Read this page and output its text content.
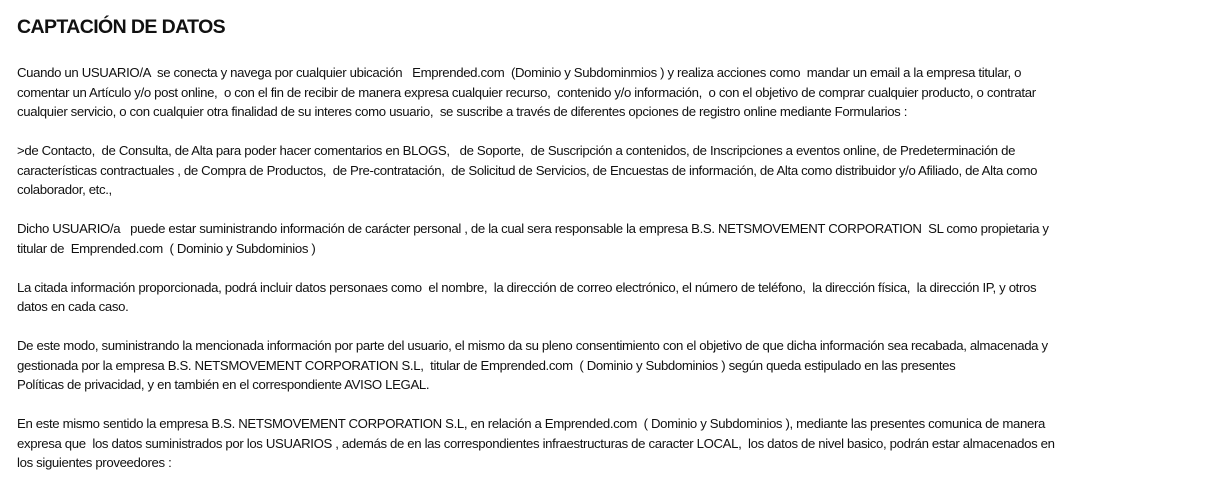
CAPTACIÓN DE DATOS

Cuando un USUARIO/A  se conecta y navega por cualquier ubicación   Emprended.com  (Dominio y Subdominmios ) y realiza acciones como  mandar un email a la empresa titular, o
comentar un Artículo y/o post online,  o con el fin de recibir de manera expresa cualquier recurso,  contenido y/o información,  o con el objetivo de comprar cualquier producto, o contratar
cualquier servicio, o con cualquier otra finalidad de su interes como usuario,  se suscribe a través de diferentes opciones de registro online mediante Formularios :

>de Contacto,  de Consulta, de Alta para poder hacer comentarios en BLOGS,   de Soporte,  de Suscripción a contenidos, de Inscripciones a eventos online, de Predeterminación de
características contractuales , de Compra de Productos,  de Pre-contratación,  de Solicitud de Servicios, de Encuestas de información, de Alta como distribuidor y/o Afiliado, de Alta como
colaborador, etc.,

Dicho USUARIO/a   puede estar suministrando información de carácter personal , de la cual sera responsable la empresa B.S. NETSMOVEMENT CORPORATION  SL como propietaria y
titular de  Emprended.com  ( Dominio y Subdominios )

La citada información proporcionada, podrá incluir datos personaes como  el nombre,  la dirección de correo electrónico, el número de teléfono,  la dirección física,  la dirección IP, y otros
datos en cada caso.

De este modo, suministrando la mencionada información por parte del usuario, el mismo da su pleno consentimiento con el objetivo de que dicha información sea recabada, almacenada y
gestionada por la empresa B.S. NETSMOVEMENT CORPORATION S.L,  titular de Emprended.com  ( Dominio y Subdominios ) según queda estipulado en las presentes
Políticas de privacidad, y en también en el correspondiente AVISO LEGAL.

En este mismo sentido la empresa B.S. NETSMOVEMENT CORPORATION S.L, en relación a Emprended.com  ( Dominio y Subdominios ), mediante las presentes comunica de manera
expresa que  los datos suministrados por los USUARIOS , además de en las correspondientes infraestructuras de caracter LOCAL,  los datos de nivel basico, podrán estar almacenados en
los siguientes proveedores :
